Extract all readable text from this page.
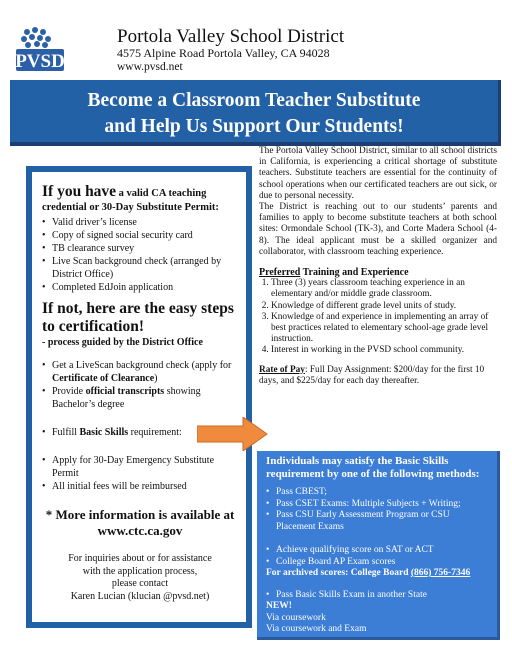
PVSD
Portola Valley School District
4575 Alpine Road Portola Valley, CA 94028
www.pvsd.net
Become a Classroom Teacher Substitute
and Help Us Support Our Students!
If you have a valid CA teaching
credential or 30-Day Substitute Permit:
• Valid driver’s license
• Copy of signed social security card
• TB clearance survey
• Live Scan background check (arranged by District Office)
• Completed EdJoin application
If not, here are the easy steps to certification!
- process guided by the District Office
• Get a LiveScan background check (apply for Certificate of Clearance)
• Provide official transcripts showing Bachelor’s degree
• Fulfill Basic Skills requirement:
• Apply for 30-Day Emergency Substitute Permit
• All initial fees will be reimbursed
* More information is available at
www.ctc.ca.gov
For inquiries about or for assistance
with the application process,
please contact
Karen Lucian (klucian @pvsd.net)

The Portola Valley School District, similar to all school districts in California, is experiencing a critical shortage of substitute teachers. Substitute teachers are essential for the continuity of school operations when our certificated teachers are out sick, or due to personal necessity.

The District is reaching out to our students’ parents and families to apply to become substitute teachers at both school sites: Ormondale School (TK-3), and Corte Madera School (4-8). The ideal applicant must be a skilled organizer and collaborator, with classroom teaching experience.

Preferred Training and Experience
1. Three (3) years classroom teaching experience in an elementary and/or middle grade classroom.
2. Knowledge of different grade level units of study.
3. Knowledge of and experience in implementing an array of best practices related to elementary school-age grade level instruction.
4. Interest in working in the PVSD school community.
Rate of Pay: Full Day Assignment: $200/day for the first 10 days, and $225/day for each day thereafter.
Individuals may satisfy the Basic Skills requirement by one of the following methods:
• Pass CBEST;
• Pass CSET Exams: Multiple Subjects + Writing;
• Pass CSU Early Assessment Program or CSU Placement Exams
• Achieve qualifying score on SAT or ACT
• College Board AP Exam scores
For archived scores: College Board (866) 756-7346
• Pass Basic Skills Exam in another State
NEW!
Via coursework
Via coursework and Exam
